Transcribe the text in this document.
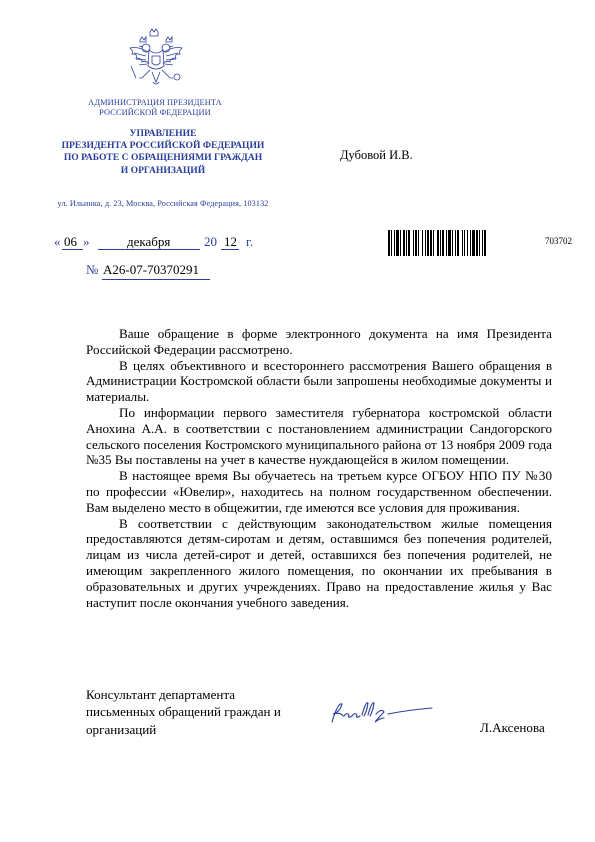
АДМИНИСТРАЦИЯ ПРЕЗИДЕНТА
РОССИЙСКОЙ ФЕДЕРАЦИИ
УПРАВЛЕНИЕ
ПРЕЗИДЕНТА РОССИЙСКОЙ ФЕДЕРАЦИИ
ПО РАБОТЕ С ОБРАЩЕНИЯМИ ГРАЖДАН
И ОРГАНИЗАЦИЙ
ул. Ильинка, д. 23, Москва, Российская Федерация, 103132
Дубовой И.В.
« 06 »	декабря	20 12 г.
№ А26-07-70370291
703702

Ваше обращение в форме электронного документа на имя Президента Российской Федерации рассмотрено.

В целях объективного и всестороннего рассмотрения Вашего обращения в Администрации Костромской области были запрошены необходимые документы и материалы.

По информации первого заместителя губернатора костромской области Анохина А.А. в соответствии с постановлением администрации Сандогорского сельского поселения Костромского муниципального района от 13 ноября 2009 года №35 Вы поставлены на учет в качестве нуждающейся в жилом помещении.

В настоящее время Вы обучаетесь на третьем курсе ОГБОУ НПО ПУ №30 по профессии «Ювелир», находитесь на полном государственном обеспечении. Вам выделено место в общежитии, где имеются все условия для проживания.

В соответствии с действующим законодательством жилые помещения предоставляются детям-сиротам и детям, оставшимся без попечения родителей, лицам из числа детей-сирот и детей, оставшихся без попечения родителей, не имеющим закрепленного жилого помещения, по окончании их пребывания в образовательных и других учреждениях. Право на предоставление жилья у Вас наступит после окончания учебного заведения.

Консультант департамента
письменных обращений граждан и
организаций	Л.Аксенова
